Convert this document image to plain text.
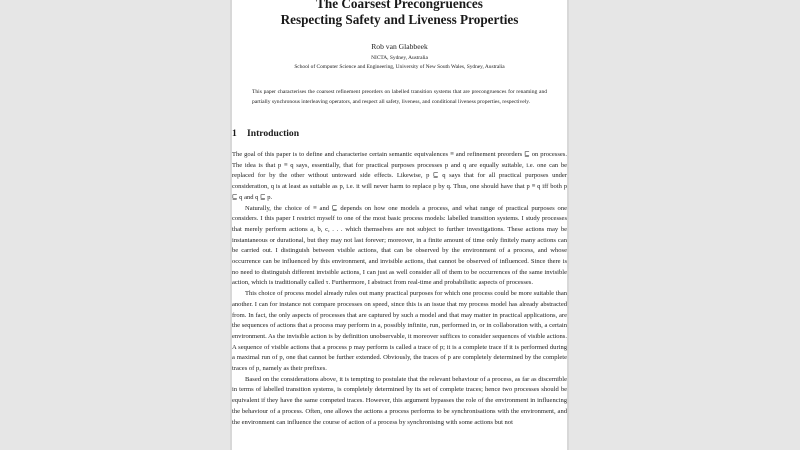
The Coarsest Precongruences
Respecting Safety and Liveness Properties
Rob van Glabbeek
NICTA, Sydney, Australia
School of Computer Science and Engineering, University of New South Wales, Sydney, Australia

This paper characterises the coarsest refinement preorders on labelled transition systems that are precongruences for renaming and partially synchronous interleaving operators, and respect all safety, liveness, and conditional liveness properties, respectively.

1 Introduction

The goal of this paper is to define and characterise certain semantic equivalences ≡ and refinement preorders ⊑ on processes. The idea is that p ≡ q says, essentially, that for practical purposes processes p and q are equally suitable, i.e. one can be replaced for by the other without untoward side effects. Likewise, p ⊑ q says that for all practical purposes under consideration, q is at least as suitable as p, i.e. it will never harm to replace p by q. Thus, one should have that p ≡ q iff both p ⊑ q and q ⊑ p.

Naturally, the choice of ≡ and ⊑ depends on how one models a process, and what range of practical purposes one considers. I this paper I restrict myself to one of the most basic process models: labelled transition systems. I study processes that merely perform actions a, b, c, . . . which themselves are not subject to further investigations. These actions may be instantaneous or durational, but they may not last forever; moreover, in a finite amount of time only finitely many actions can be carried out. I distinguish between visible actions, that can be observed by the environment of a process, and whose occurrence can be influenced by this environment, and invisible actions, that cannot be observed of influenced. Since there is no need to distinguish different invisible actions, I can just as well consider all of them to be occurrences of the same invisible action, which is traditionally called τ. Furthermore, I abstract from real-time and probabilistic aspects of processes.

This choice of process model already rules out many practical purposes for which one process could be more suitable than another. I can for instance not compare processes on speed, since this is an issue that my process model has already abstracted from. In fact, the only aspects of processes that are captured by such a model and that may matter in practical applications, are the sequences of actions that a process may perform in a, possibly infinite, run, performed in, or in collaboration with, a certain environment. As the invisible action is by definition unobservable, it moreover suffices to consider sequences of visible actions. A sequence of visible actions that a process p may perform is called a trace of p; it is a complete trace if it is performed during a maximal run of p, one that cannot be further extended. Obviously, the traces of p are completely determined by the complete traces of p, namely as their prefixes.

Based on the considerations above, it is tempting to postulate that the relevant behaviour of a process, as far as discernible in terms of labelled transition systems, is completely determined by its set of complete traces; hence two processes should be equivalent if they have the same competed traces. However, this argument bypasses the role of the environment in influencing the behaviour of a process. Often, one allows the actions a process performs to be synchronisations with the environment, and the environment can influence the course of action of a process by synchronising with some actions but not
